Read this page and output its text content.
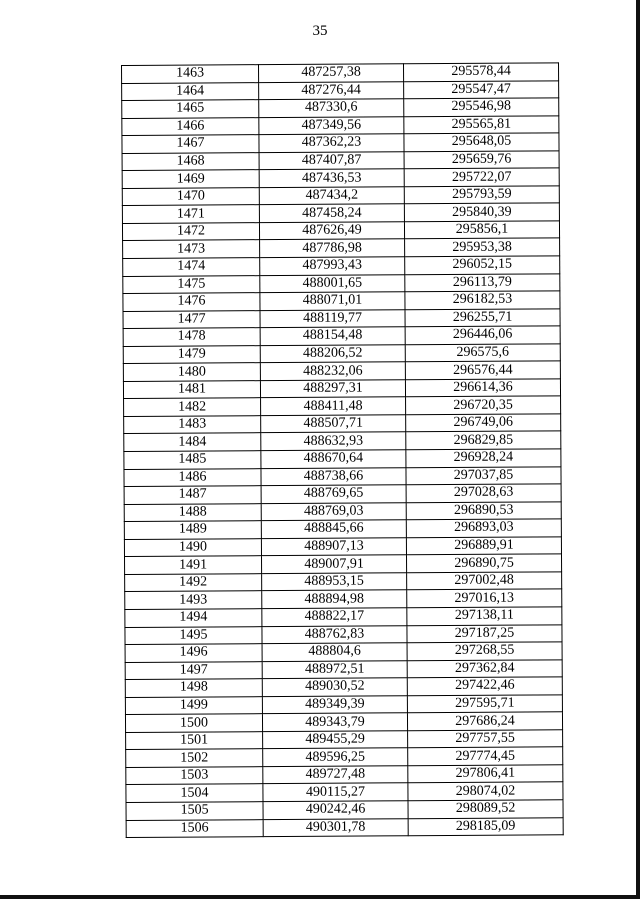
35
1463	487257,38	295578,44
1464	487276,44	295547,47
1465	487330,6	295546,98
1466	487349,56	295565,81
1467	487362,23	295648,05
1468	487407,87	295659,76
1469	487436,53	295722,07
1470	487434,2	295793,59
1471	487458,24	295840,39
1472	487626,49	295856,1
1473	487786,98	295953,38
1474	487993,43	296052,15
1475	488001,65	296113,79
1476	488071,01	296182,53
1477	488119,77	296255,71
1478	488154,48	296446,06
1479	488206,52	296575,6
1480	488232,06	296576,44
1481	488297,31	296614,36
1482	488411,48	296720,35
1483	488507,71	296749,06
1484	488632,93	296829,85
1485	488670,64	296928,24
1486	488738,66	297037,85
1487	488769,65	297028,63
1488	488769,03	296890,53
1489	488845,66	296893,03
1490	488907,13	296889,91
1491	489007,91	296890,75
1492	488953,15	297002,48
1493	488894,98	297016,13
1494	488822,17	297138,11
1495	488762,83	297187,25
1496	488804,6	297268,55
1497	488972,51	297362,84
1498	489030,52	297422,46
1499	489349,39	297595,71
1500	489343,79	297686,24
1501	489455,29	297757,55
1502	489596,25	297774,45
1503	489727,48	297806,41
1504	490115,27	298074,02
1505	490242,46	298089,52
1506	490301,78	298185,09
